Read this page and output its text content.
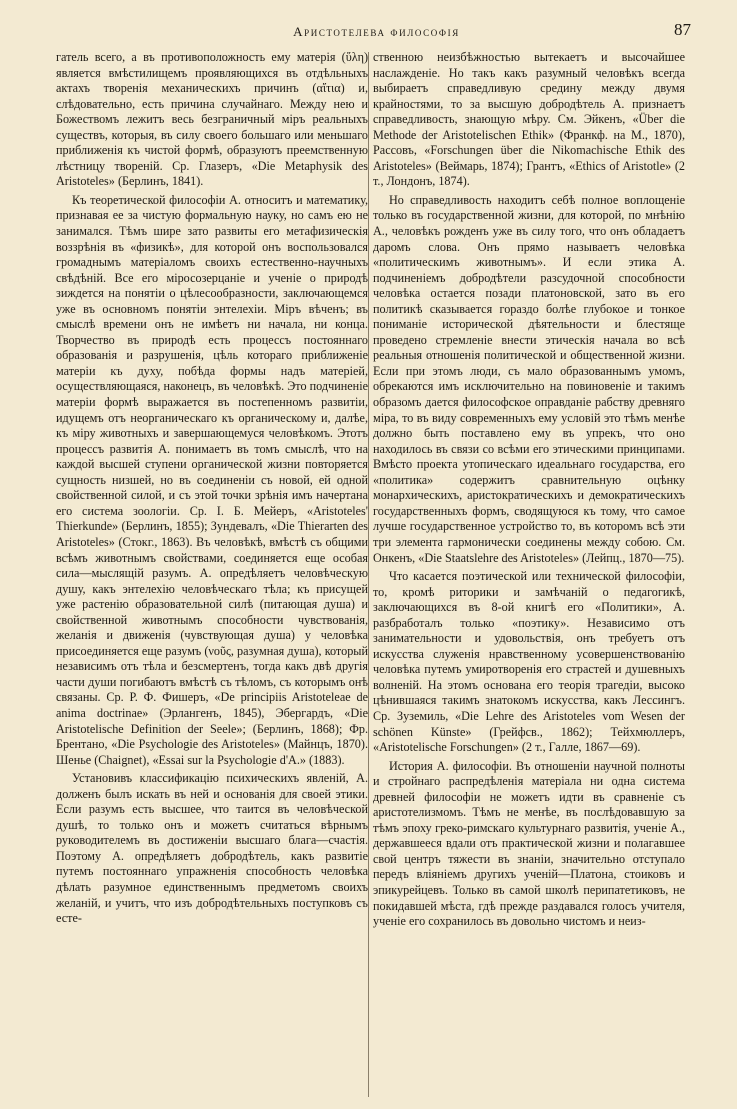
Аристотелева философія	87

гатель всего, а въ противоположность ему матерія (ὕλη) является вмѣстилищемъ проявляющихся въ отдѣльныхъ актахъ творенія механическихъ причинъ (αἴτια) и, слѣдовательно, есть причина случайнаго. Между нею и Божествомъ лежитъ весь безграничный міръ реальныхъ существъ, которыя, въ силу своего большаго или меньшаго приближенія къ чистой формѣ, образуютъ преемственную лѣстницу твореній. Ср. Глазеръ, «Die Metaphysik des Aristoteles» (Берлинъ, 1841).

Къ теоретической философіи А. относитъ и математику, признавая ее за чистую формальную науку, но самъ ею не занимался. Тѣмъ шире зато развиты его метафизическія воззрѣнія въ «физикѣ», для которой онъ воспользовался громаднымъ матеріаломъ своихъ естественно-научныхъ свѣдѣній. Все его міросозерцаніе и ученіе о природѣ зиждется на понятіи о цѣлесообразности, заключающемся уже въ основномъ понятіи энтелехіи. Міръ вѣченъ; въ смыслѣ времени онъ не имѣетъ ни начала, ни конца. Творчество въ природѣ есть процессъ постояннаго образованія и разрушенія, цѣль котораго приближеніе матеріи къ духу, побѣда формы надъ матеріей, осуществляющаяся, наконецъ, въ человѣкѣ. Это подчиненіе матеріи формѣ выражается въ постепенномъ развитіи, идущемъ отъ неорганическаго къ органическому и, далѣе, къ міру животныхъ и завершающемуся человѣкомъ. Этотъ процессъ развитія А. понимаетъ въ томъ смыслѣ, что на каждой высшей ступени органической жизни повторяется сущность низшей, но въ соединеніи съ новой, ей одной свойственной силой, и съ этой точки зрѣнія имъ начертана его система зоологіи. Ср. І. Б. Мейеръ, «Aristoteles' Thierkunde» (Берлинъ, 1855); Зундевалъ, «Die Thierarten des Aristoteles» (Стокг., 1863). Въ человѣкѣ, вмѣстѣ съ общими всѣмъ животнымъ свойствами, соединяется еще особая сила—мыслящій разумъ. А. опредѣляетъ человѣческую душу, какъ энтелехію человѣческаго тѣла; къ присущей уже растенію образовательной силѣ (питающая душа) и свойственной животнымъ способности чувствованія, желанія и движенія (чувствующая душа) у человѣка присоединяется еще разумъ (νοῦς, разумная душа), который независимъ отъ тѣла и безсмертенъ, тогда какъ двѣ другія части души погибаютъ вмѣстѣ съ тѣломъ, съ которымъ онѣ связаны. Ср. Р. Ф. Фишеръ, «De principiis Aristoteleae de anima doctrinae» (Эрлангенъ, 1845), Эбергардъ, «Die Aristotelische Definition der Seele»; (Берлинъ, 1868); Фр. Брентано, «Die Psychologie des Aristoteles» (Майнцъ, 1870). Шенье (Chaignet), «Essai sur la Psychologie d'A.» (1883).

Установивъ классификацію психическихъ явленій, А. долженъ былъ искать въ ней и основанія для своей этики. Если разумъ есть высшее, что таится въ человѣческой душѣ, то только онъ и можетъ считаться вѣрнымъ руководителемъ въ достиженіи высшаго блага—счастія. Поэтому А. опредѣляетъ добродѣтель, какъ развитіе путемъ постояннаго упражненія способность человѣка дѣлать разумное единственнымъ предметомъ своихъ желаній, и учитъ, что изъ добродѣтельныхъ поступковъ съ есте-

ственною неизбѣжностью вытекаетъ и высочайшее наслажденіе. Но такъ какъ разумный человѣкъ всегда выбираетъ справедливую средину между двумя крайностями, то за высшую добродѣтель А. признаетъ справедливость, знающую мѣру. См. Эйкенъ, «Über die Methode der Aristotelischen Ethik» (Франкф. на М., 1870), Рассовъ, «Forschungen über die Nikomachische Ethik des Aristoteles» (Веймарь, 1874); Грантъ, «Ethics of Aristotle» (2 т., Лондонъ, 1874).

Но справедливость находитъ себѣ полное воплощеніе только въ государственной жизни, для которой, по мнѣнію А., человѣкъ рожденъ уже въ силу того, что онъ обладаетъ даромъ слова. Онъ прямо называетъ человѣка «политическимъ животнымъ». И если этика А. подчиненіемъ добродѣтели разсудочной способности человѣка остается позади платоновской, зато въ его политикѣ сказывается гораздо болѣе глубокое и тонкое пониманіе исторической дѣятельности и блестяще проведено стремленіе внести этическія начала во всѣ реальныя отношенія политической и общественной жизни. Если при этомъ люди, съ мало образованнымъ умомъ, обрекаются имъ исключительно на повиновеніе и такимъ образомъ дается философское оправданіе рабству древняго міра, то въ виду современныхъ ему условій это тѣмъ менѣе должно быть поставлено ему въ упрекъ, что оно находилось въ связи со всѣми его этическими принципами. Вмѣсто проекта утопическаго идеальнаго государства, его «политика» содержитъ сравнительную оцѣнку монархическихъ, аристократическихъ и демократическихъ государственныхъ формъ, сводящуюся къ тому, что самое лучше государственное устройство то, въ которомъ всѣ эти три элемента гармонически соединены между собою. См. Онкенъ, «Die Staatslehre des Aristoteles» (Лейпц., 1870—75).

Что касается поэтической или технической философіи, то, кромѣ риторики и замѣчаній о педагогикѣ, заключающихся въ 8-ой книгѣ его «Политики», А. разбработалъ только «поэтику». Независимо отъ занимательности и удовольствія, онъ требуетъ отъ искусства служенія нравственному усовершенствованію человѣка путемъ умиротворенія его страстей и душевныхъ волненій. На этомъ основана его теорія трагедіи, высоко цѣнившаяся такимъ знатокомъ искусства, какъ Лессингъ. Ср. Зуземиль, «Die Lehre des Aristoteles vom Wesen der schönen Künste» (Грейфсв., 1862); Тейхмюллеръ, «Aristotelische Forschungen» (2 т., Галле, 1867—69).

История А. философіи. Въ отношеніи научной полноты и стройнаго распредѣленія матеріала ни одна система древней философіи не можетъ идти въ сравненіе съ аристотелизмомъ. Тѣмъ не менѣе, въ послѣдовавшую за тѣмъ эпоху греко-римскаго культурнаго развитія, ученіе А., державшееся вдали отъ практической жизни и полагавшее свой центръ тяжести въ знаніи, значительно отступало передъ вліяніемъ другихъ ученій—Платона, стоиковъ и эпикурейцевъ. Только въ самой школѣ перипатетиковъ, не покидавшей мѣста, гдѣ прежде раздавался голосъ учителя, ученіе его сохранилось въ довольно чистомъ и неиз-
